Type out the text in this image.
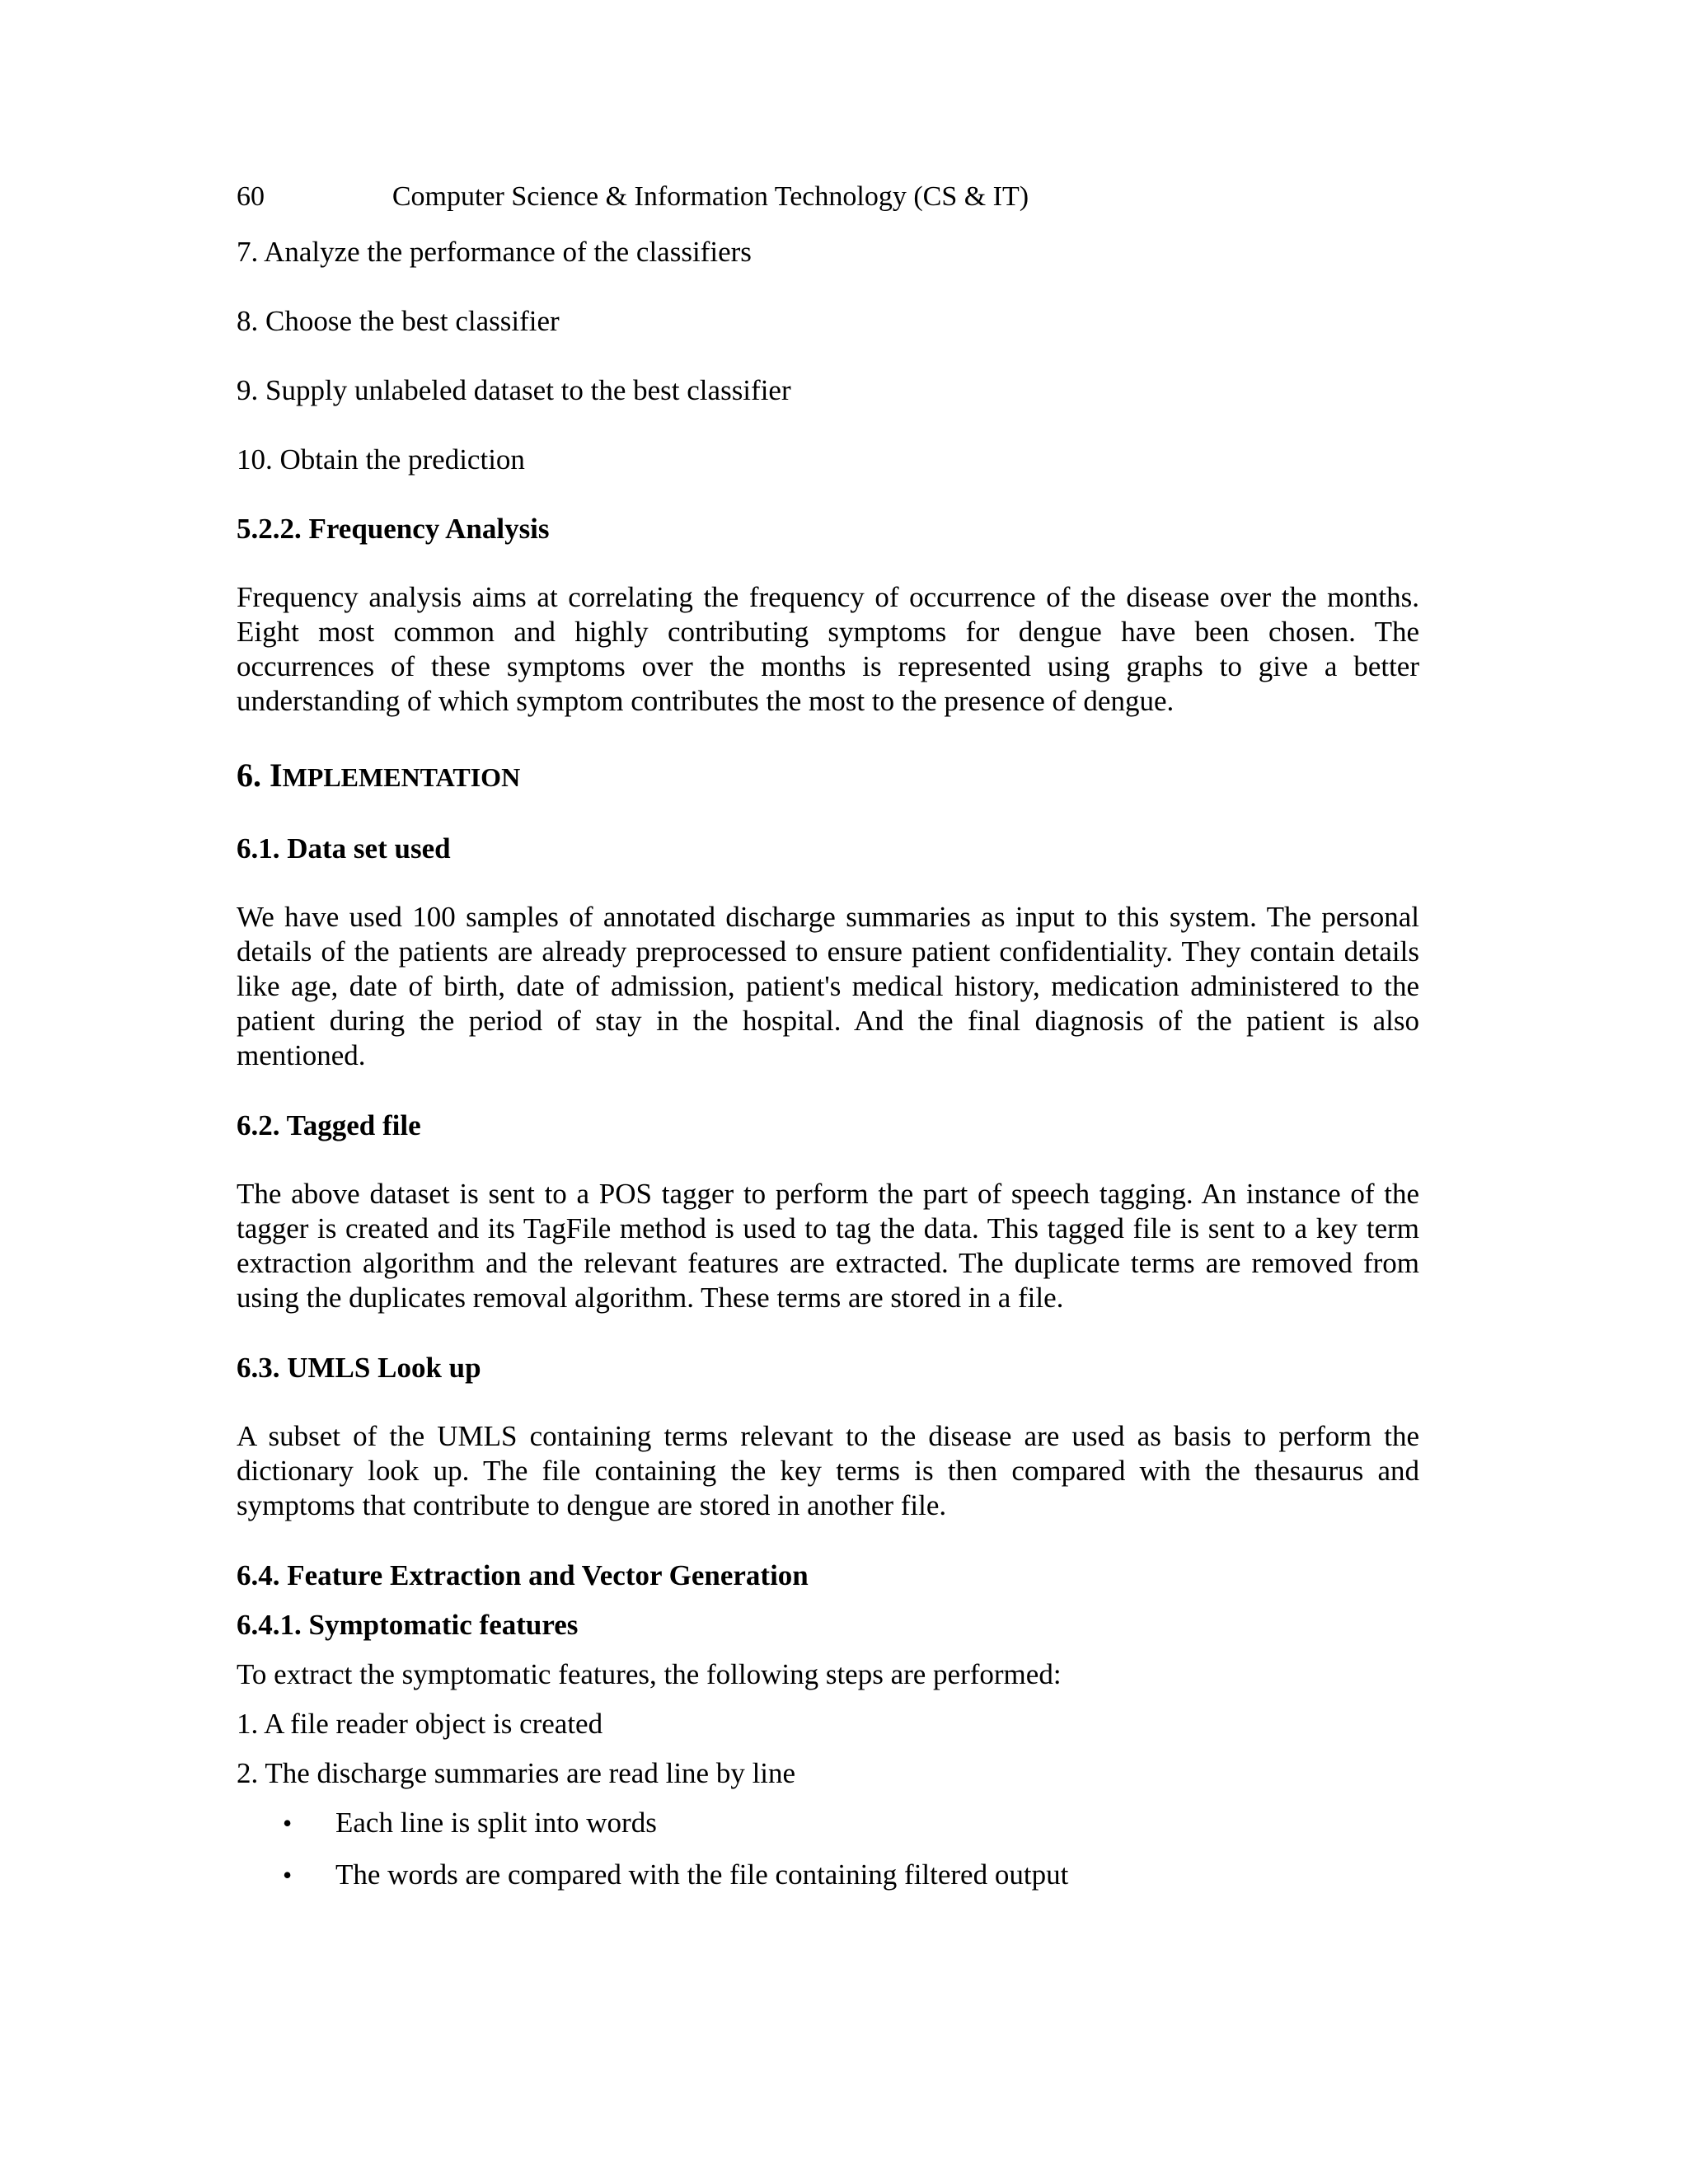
60	Computer Science & Information Technology (CS & IT)
7. Analyze the performance of the classifiers
8. Choose the best classifier
9. Supply unlabeled dataset to the best classifier
10. Obtain the prediction
5.2.2. Frequency Analysis

Frequency analysis aims at correlating the frequency of occurrence of the disease over the months. Eight most common and highly contributing symptoms for dengue have been chosen. The occurrences of these symptoms over the months is represented using graphs to give a better understanding of which symptom contributes the most to the presence of dengue.

6. IMPLEMENTATION
6.1. Data set used

We have used 100 samples of annotated discharge summaries as input to this system. The personal details of the patients are already preprocessed to ensure patient confidentiality. They contain details like age, date of birth, date of admission, patient's medical history, medication administered to the patient during the period of stay in the hospital. And the final diagnosis of the patient is also mentioned.

6.2. Tagged file

The above dataset is sent to a POS tagger to perform the part of speech tagging. An instance of the tagger is created and its TagFile method is used to tag the data. This tagged file is sent to a key term extraction algorithm and the relevant features are extracted. The duplicate terms are removed from using the duplicates removal algorithm. These terms are stored in a file.

6.3. UMLS Look up

A subset of the UMLS containing terms relevant to the disease are used as basis to perform the dictionary look up. The file containing the key terms is then compared with the thesaurus and symptoms that contribute to dengue are stored in another file.

6.4. Feature Extraction and Vector Generation
6.4.1. Symptomatic features
To extract the symptomatic features, the following steps are performed:
1. A file reader object is created
2. The discharge summaries are read line by line
• Each line is split into words
• The words are compared with the file containing filtered output
